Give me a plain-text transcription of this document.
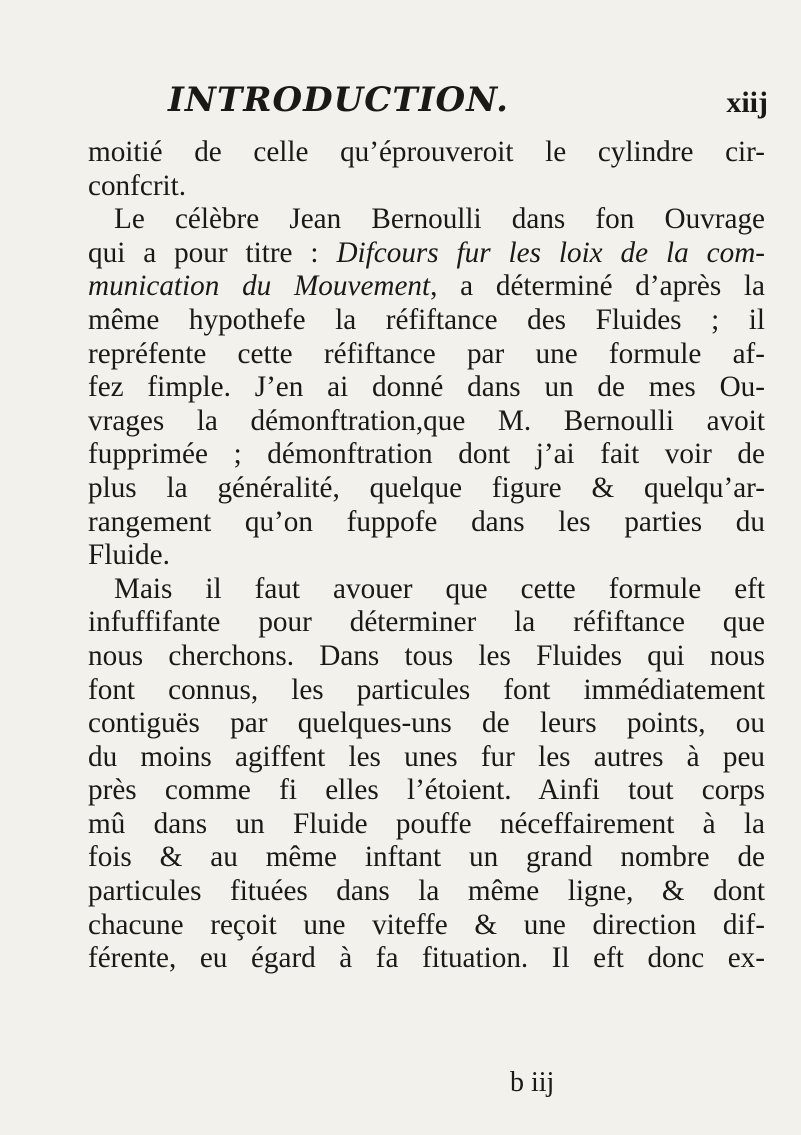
INTRODUCTION.	xiij
moitié de celle qu’éprouveroit le cylindre cir-
confcrit.
Le célèbre Jean Bernoulli dans fon Ouvrage
qui a pour titre : Difcours fur les loix de la com-
munication du Mouvement, a déterminé d’après la
même hypothefe la réfiftance des Fluides ; il
repréfente cette réfiftance par une formule af-
fez fimple. J’en ai donné dans un de mes Ou-
vrages la démonftration,que M. Bernoulli avoit
fupprimée ; démonftration dont j’ai fait voir de
plus la généralité, quelque figure & quelqu’ar-
rangement qu’on fuppofe dans les parties du
Fluide.
Mais il faut avouer que cette formule eft
infuffifante pour déterminer la réfiftance que
nous cherchons. Dans tous les Fluides qui nous
font connus, les particules font immédiatement
contiguës par quelques-uns de leurs points, ou
du moins agiffent les unes fur les autres à peu
près comme fi elles l’étoient. Ainfi tout corps
mû dans un Fluide pouffe néceffairement à la
fois & au même inftant un grand nombre de
particules fituées dans la même ligne, & dont
chacune reçoit une viteffe & une direction dif-
férente, eu égard à fa fituation. Il eft donc ex-
b iij
